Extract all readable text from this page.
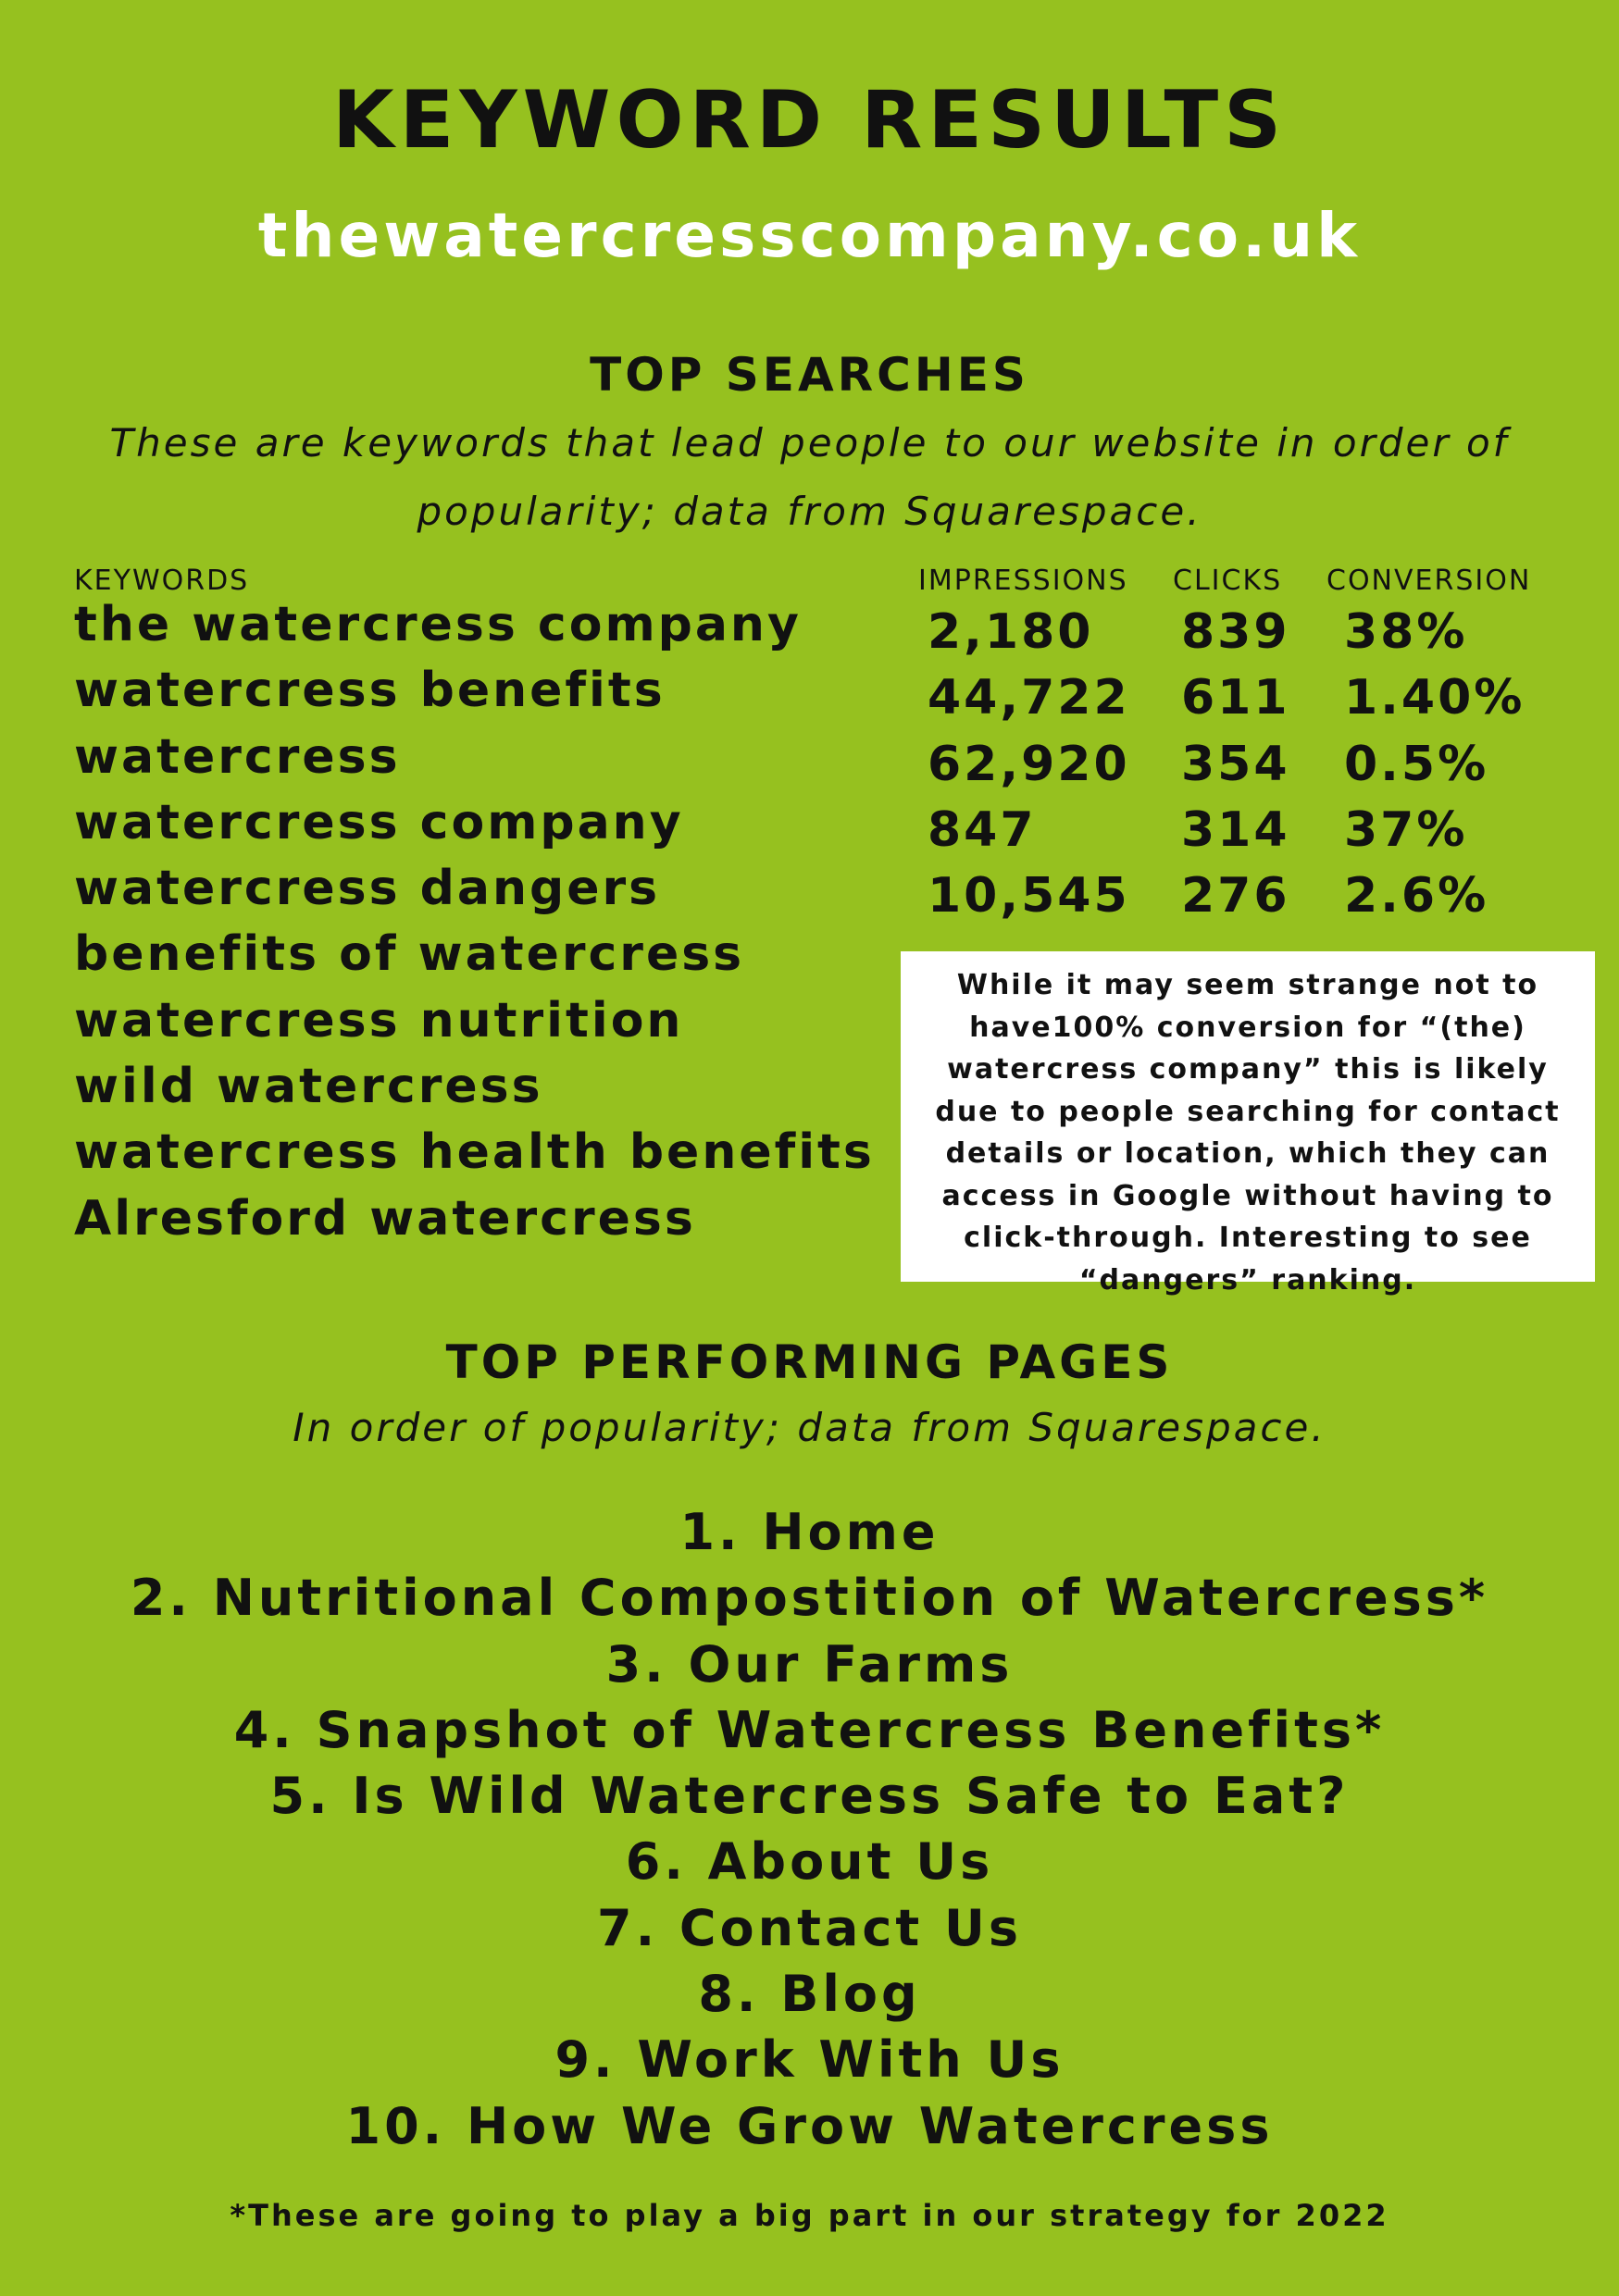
KEYWORD RESULTS
thewatercresscompany.co.uk
TOP SEARCHES
These are keywords that lead people to our website in order of popularity; data from Squarespace.
KEYWORDS	IMPRESSIONS CLICKS CONVERSION
the watercress company
watercress benefits
watercress
watercress company
watercress dangers
benefits of watercress
watercress nutrition
wild watercress
watercress health benefits
Alresford watercress
2,180 839 38%
44,722 611 1.40%
62,920 354 0.5%
847	314 37%
10,545 276 2.6%
While it may seem strange not to have100% conversion for “(the) watercress company” this is likely due to people searching for contact details or location, which they can access in Google without having to click-through. Interesting to see “dangers” ranking.
TOP PERFORMING PAGES
In order of popularity; data from Squarespace.
1. Home
2. Nutritional Compostition of Watercress*
3. Our Farms
4. Snapshot of Watercress Benefits*
5. Is Wild Watercress Safe to Eat?
6. About Us
7. Contact Us
8. Blog
9. Work With Us
10. How We Grow Watercress
*These are going to play a big part in our strategy for 2022
